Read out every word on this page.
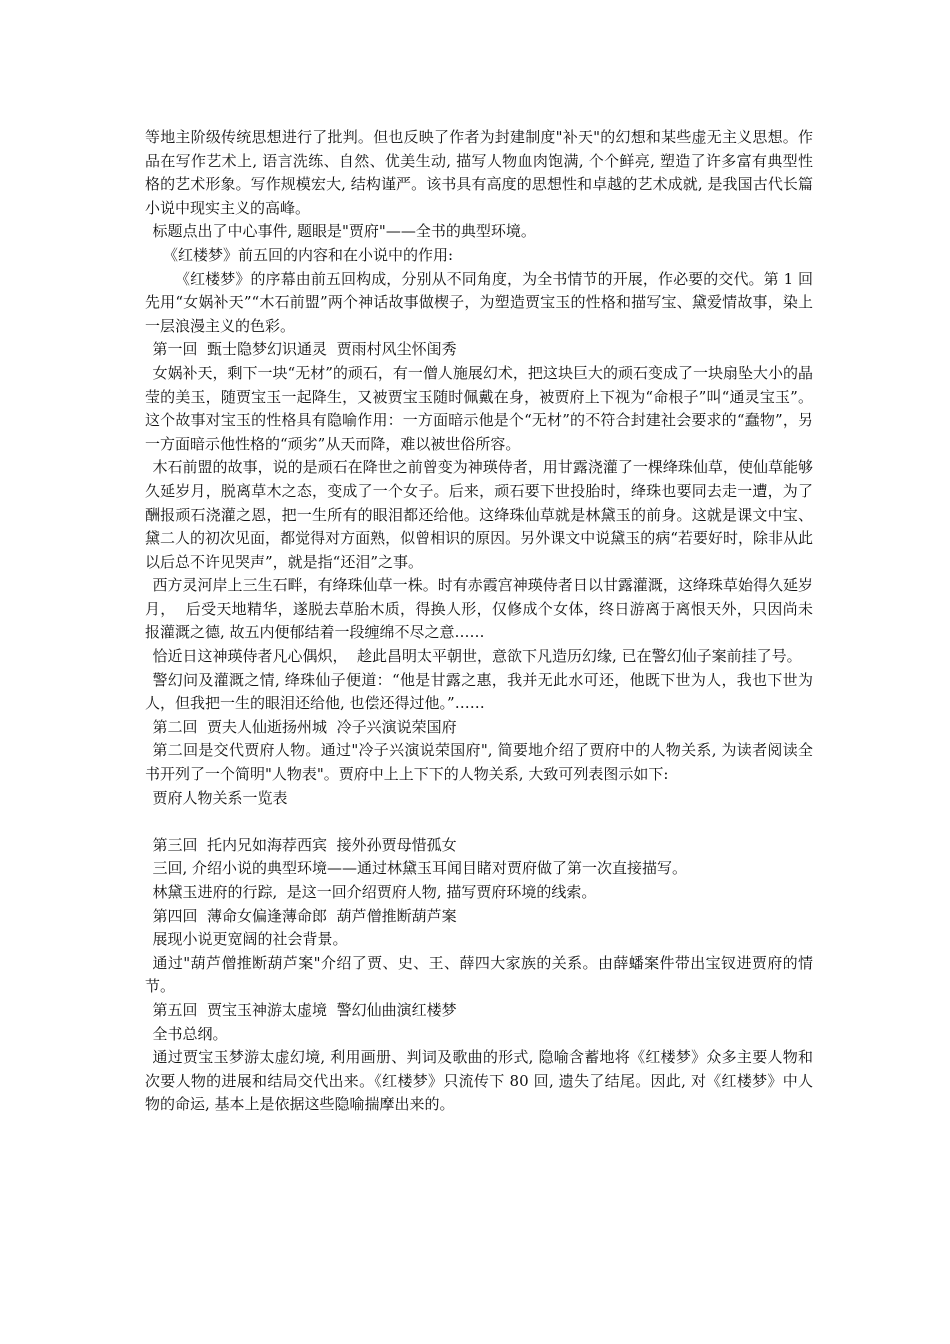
等地主阶级传统思想进行了批判。但也反映了作者为封建制度"补天"的幻想和某些虚无主义思想。作品在写作艺术上, 语言洗练、自然、优美生动, 描写人物血肉饱满, 个个鲜亮, 塑造了许多富有典型性格的艺术形象。写作规模宏大, 结构谨严。该书具有高度的思想性和卓越的艺术成就, 是我国古代长篇小说中现实主义的高峰。

标题点出了中心事件, 题眼是"贾府"——全书的典型环境。

《红楼梦》前五回的内容和在小说中的作用:

《红楼梦》的序幕由前五回构成，分别从不同角度，为全书情节的开展，作必要的交代。第 1 回先用“女娲补天”“木石前盟”两个神话故事做楔子，为塑造贾宝玉的性格和描写宝、黛爱情故事，染上一层浪漫主义的色彩。

第一回  甄士隐梦幻识通灵  贾雨村风尘怀闺秀

女娲补天，剩下一块“无材”的顽石，有一僧人施展幻术，把这块巨大的顽石变成了一块扇坠大小的晶莹的美玉，随贾宝玉一起降生，又被贾宝玉随时佩戴在身，被贾府上下视为“命根子”叫“通灵宝玉”。这个故事对宝玉的性格具有隐喻作用：一方面暗示他是个“无材”的不符合封建社会要求的“蠢物”，另一方面暗示他性格的“顽劣”从天而降，难以被世俗所容。

木石前盟的故事，说的是顽石在降世之前曾变为神瑛侍者，用甘露浇灌了一棵绛珠仙草，使仙草能够久延岁月，脱离草木之态，变成了一个女子。后来，顽石要下世投胎时，绛珠也要同去走一遭，为了酬报顽石浇灌之恩，把一生所有的眼泪都还给他。这绛珠仙草就是林黛玉的前身。这就是课文中宝、黛二人的初次见面，都觉得对方面熟，似曾相识的原因。另外课文中说黛玉的病“若要好时，除非从此以后总不许见哭声”，就是指“还泪”之事。

西方灵河岸上三生石畔，有绛珠仙草一株。时有赤霞宫神瑛侍者日以甘露灌溉，这绛珠草始得久延岁月，  后受天地精华，遂脱去草胎木质，得换人形，仅修成个女体，终日游离于离恨天外，只因尚未报灌溉之德, 故五内便郁结着一段缠绵不尽之意……

恰近日这神瑛侍者凡心偶炽，  趁此昌明太平朝世，意欲下凡造历幻缘, 已在警幻仙子案前挂了号。

警幻问及灌溉之情, 绛珠仙子便道：“他是甘露之惠，我并无此水可还，他既下世为人，我也下世为人，但我把一生的眼泪还给他, 也偿还得过他。”……

第二回  贾夫人仙逝扬州城  冷子兴演说荣国府

第二回是交代贾府人物。通过"冷子兴演说荣国府", 简要地介绍了贾府中的人物关系, 为读者阅读全书开列了一个简明"人物表"。贾府中上上下下的人物关系, 大致可列表图示如下:

贾府人物关系一览表

第三回  托内兄如海荐西宾  接外孙贾母惜孤女

三回, 介绍小说的典型环境——通过林黛玉耳闻目睹对贾府做了第一次直接描写。

林黛玉进府的行踪,  是这一回介绍贾府人物, 描写贾府环境的线索。

第四回  薄命女偏逢薄命郎  葫芦僧推断葫芦案

展现小说更宽阔的社会背景。

通过"葫芦僧推断葫芦案"介绍了贾、史、王、薛四大家族的关系。由薛蟠案件带出宝钗进贾府的情节。

第五回  贾宝玉神游太虚境  警幻仙曲演红楼梦

全书总纲。

通过贾宝玉梦游太虚幻境, 利用画册、判词及歌曲的形式, 隐喻含蓄地将《红楼梦》众多主要人物和次要人物的进展和结局交代出来。《红楼梦》只流传下 80 回, 遗失了结尾。因此, 对《红楼梦》中人物的命运, 基本上是依据这些隐喻揣摩出来的。
